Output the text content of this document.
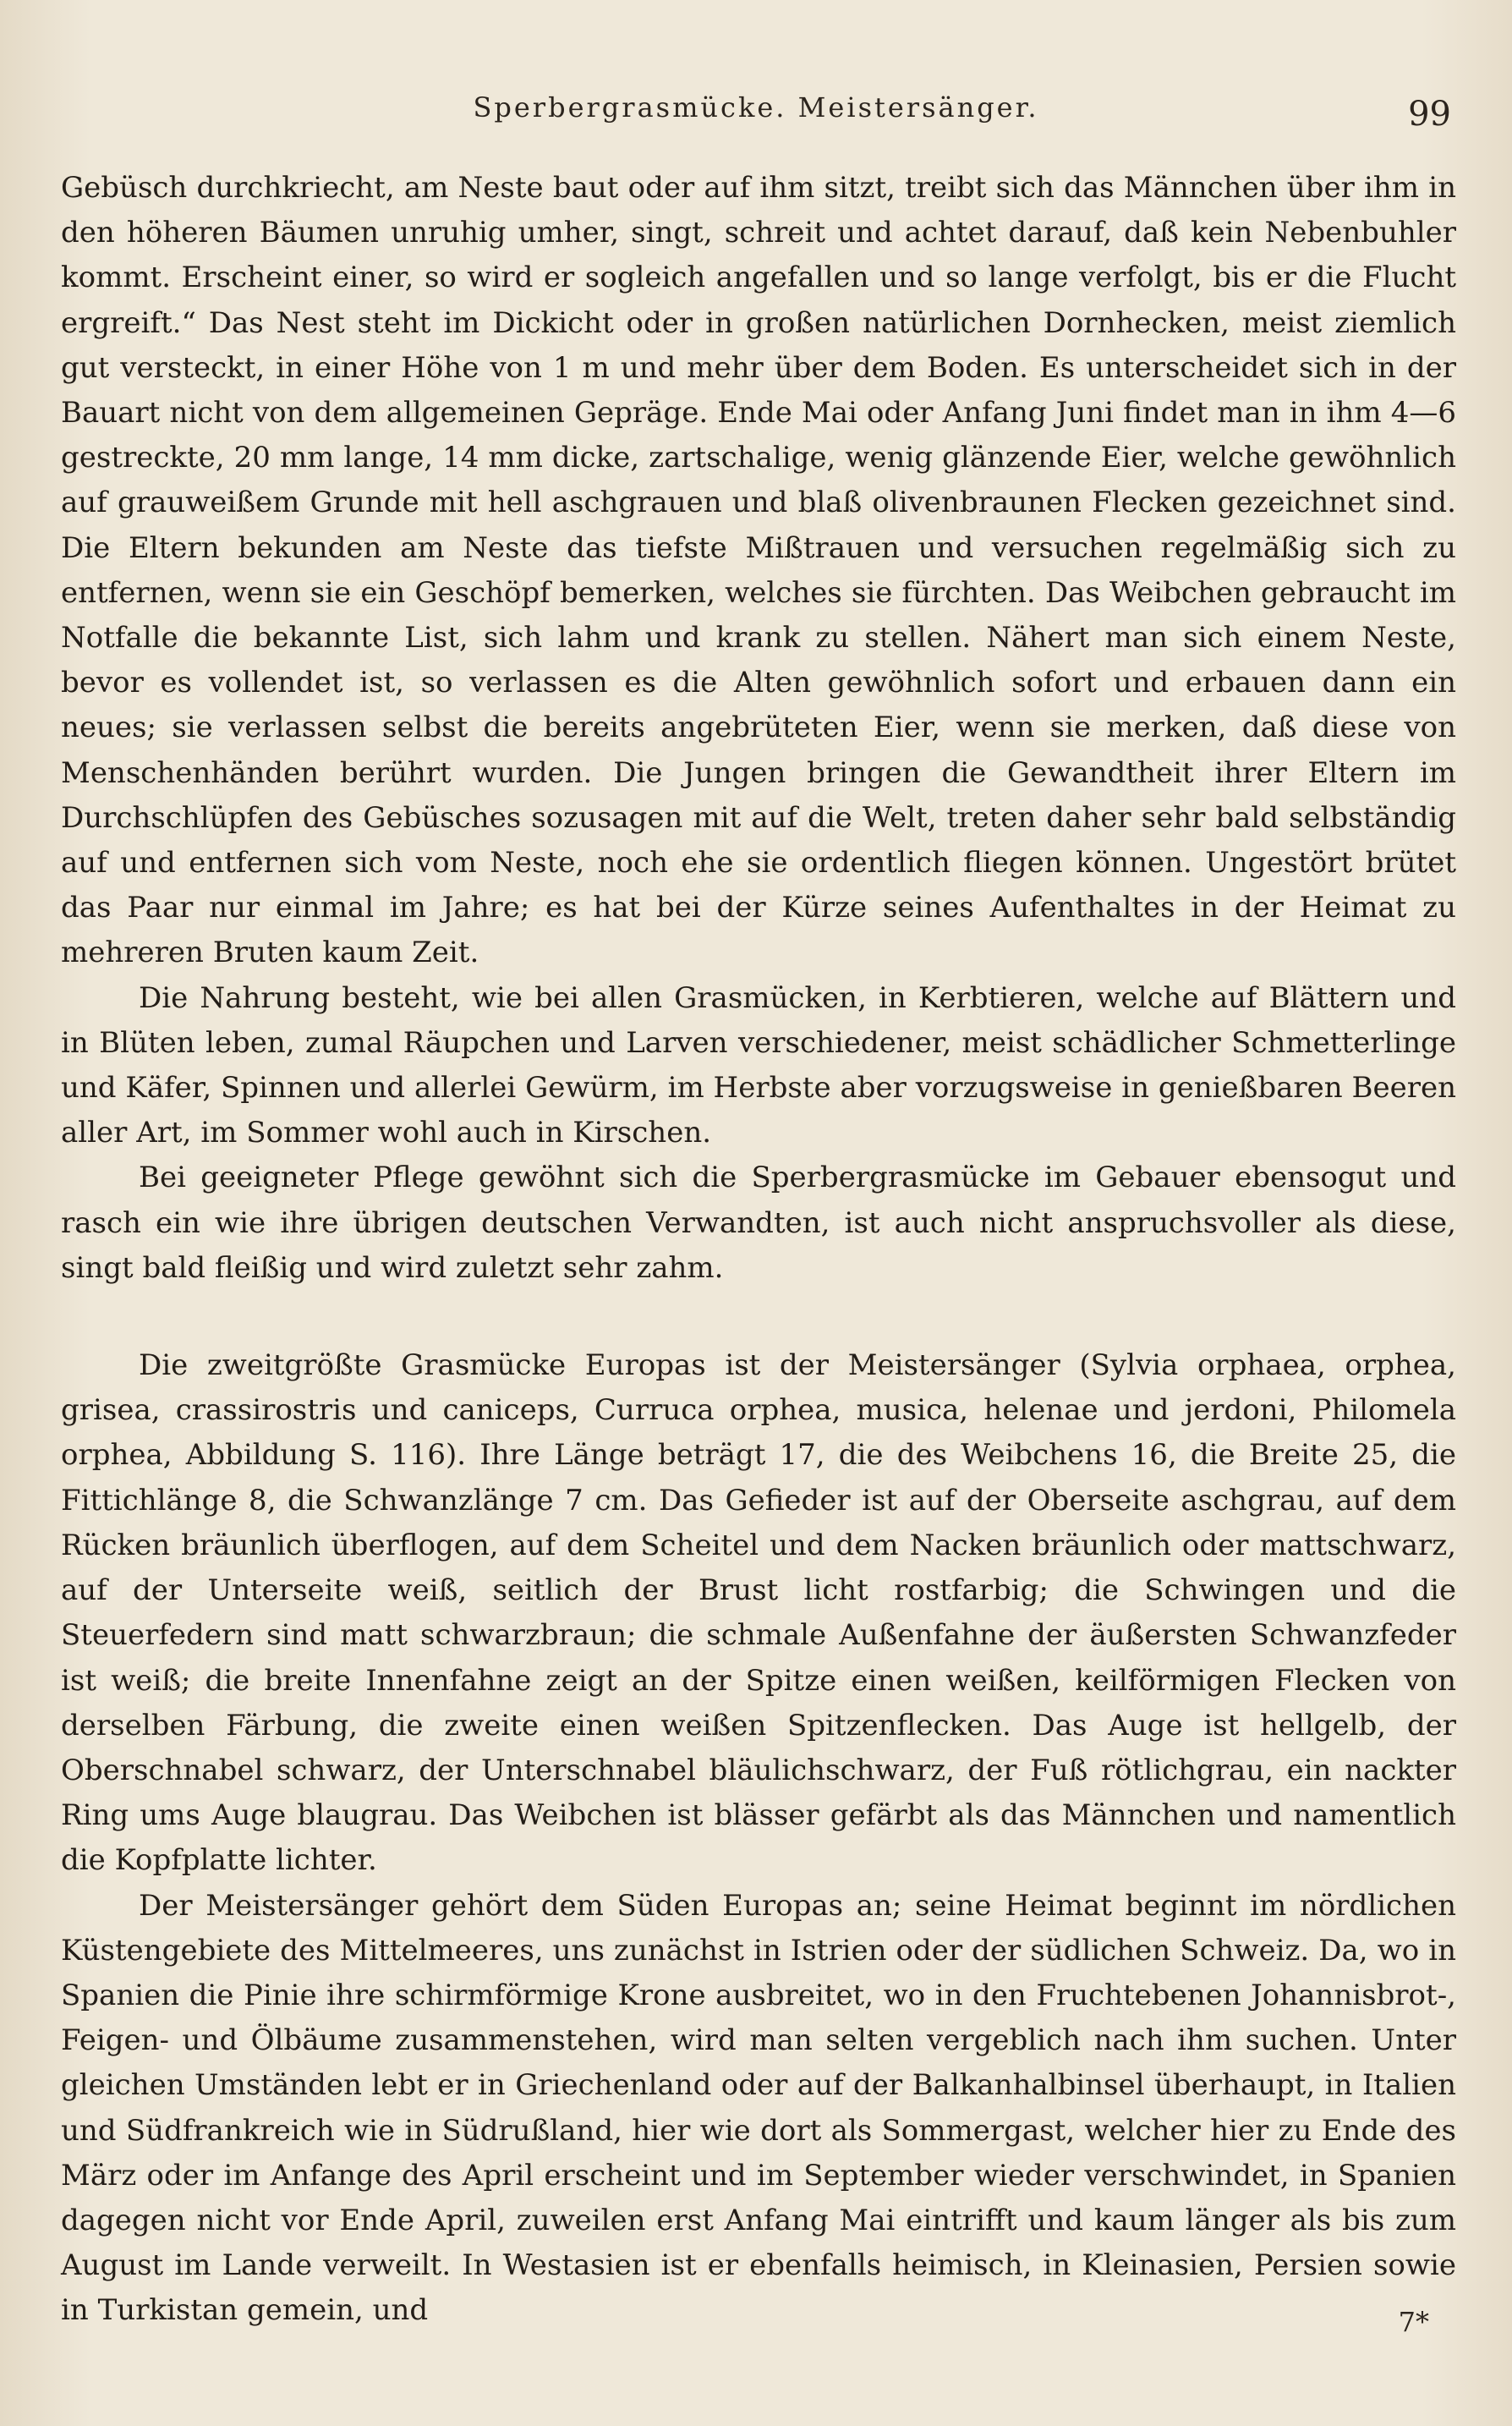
Sperbergrasmücke. Meistersänger.	99

Gebüsch durchkriecht, am Neste baut oder auf ihm sitzt, treibt sich das Männchen über ihm in den höheren Bäumen unruhig umher, singt, schreit und achtet darauf, daß kein Nebenbuhler kommt. Erscheint einer, so wird er sogleich angefallen und so lange verfolgt, bis er die Flucht ergreift.“ Das Nest steht im Dickicht oder in großen natürlichen Dornhecken, meist ziemlich gut versteckt, in einer Höhe von 1 m und mehr über dem Boden. Es unterscheidet sich in der Bauart nicht von dem allgemeinen Gepräge. Ende Mai oder Anfang Juni findet man in ihm 4—6 gestreckte, 20 mm lange, 14 mm dicke, zartschalige, wenig glänzende Eier, welche gewöhnlich auf grauweißem Grunde mit hell aschgrauen und blaß olivenbraunen Flecken gezeichnet sind. Die Eltern bekunden am Neste das tiefste Mißtrauen und versuchen regelmäßig sich zu entfernen, wenn sie ein Geschöpf bemerken, welches sie fürchten. Das Weibchen gebraucht im Notfalle die bekannte List, sich lahm und krank zu stellen. Nähert man sich einem Neste, bevor es vollendet ist, so verlassen es die Alten gewöhnlich sofort und erbauen dann ein neues; sie verlassen selbst die bereits angebrüteten Eier, wenn sie merken, daß diese von Menschenhänden berührt wurden. Die Jungen bringen die Gewandtheit ihrer Eltern im Durchschlüpfen des Gebüsches sozusagen mit auf die Welt, treten daher sehr bald selbständig auf und entfernen sich vom Neste, noch ehe sie ordentlich fliegen können. Ungestört brütet das Paar nur einmal im Jahre; es hat bei der Kürze seines Aufenthaltes in der Heimat zu mehreren Bruten kaum Zeit.

Die Nahrung besteht, wie bei allen Grasmücken, in Kerbtieren, welche auf Blättern und in Blüten leben, zumal Räupchen und Larven verschiedener, meist schädlicher Schmetterlinge und Käfer, Spinnen und allerlei Gewürm, im Herbste aber vorzugsweise in genießbaren Beeren aller Art, im Sommer wohl auch in Kirschen.

Bei geeigneter Pflege gewöhnt sich die Sperbergrasmücke im Gebauer ebensogut und rasch ein wie ihre übrigen deutschen Verwandten, ist auch nicht anspruchsvoller als diese, singt bald fleißig und wird zuletzt sehr zahm.

Die zweitgrößte Grasmücke Europas ist der Meistersänger (Sylvia orphaea, orphea, grisea, crassirostris und caniceps, Curruca orphea, musica, helenae und jerdoni, Philomela orphea, Abbildung S. 116). Ihre Länge beträgt 17, die des Weibchens 16, die Breite 25, die Fittichlänge 8, die Schwanzlänge 7 cm. Das Gefieder ist auf der Oberseite aschgrau, auf dem Rücken bräunlich überflogen, auf dem Scheitel und dem Nacken bräunlich oder mattschwarz, auf der Unterseite weiß, seitlich der Brust licht rostfarbig; die Schwingen und die Steuerfedern sind matt schwarzbraun; die schmale Außenfahne der äußersten Schwanzfeder ist weiß; die breite Innenfahne zeigt an der Spitze einen weißen, keilförmigen Flecken von derselben Färbung, die zweite einen weißen Spitzenflecken. Das Auge ist hellgelb, der Oberschnabel schwarz, der Unterschnabel bläulichschwarz, der Fuß rötlichgrau, ein nackter Ring ums Auge blaugrau. Das Weibchen ist blässer gefärbt als das Männchen und namentlich die Kopfplatte lichter.

Der Meistersänger gehört dem Süden Europas an; seine Heimat beginnt im nördlichen Küstengebiete des Mittelmeeres, uns zunächst in Istrien oder der südlichen Schweiz. Da, wo in Spanien die Pinie ihre schirmförmige Krone ausbreitet, wo in den Fruchtebenen Johannisbrot-, Feigen- und Ölbäume zusammenstehen, wird man selten vergeblich nach ihm suchen. Unter gleichen Umständen lebt er in Griechenland oder auf der Balkanhalbinsel überhaupt, in Italien und Südfrankreich wie in Südrußland, hier wie dort als Sommergast, welcher hier zu Ende des März oder im Anfange des April erscheint und im September wieder verschwindet, in Spanien dagegen nicht vor Ende April, zuweilen erst Anfang Mai eintrifft und kaum länger als bis zum August im Lande verweilt. In Westasien ist er ebenfalls heimisch, in Kleinasien, Persien sowie in Turkistan gemein, und	7*
